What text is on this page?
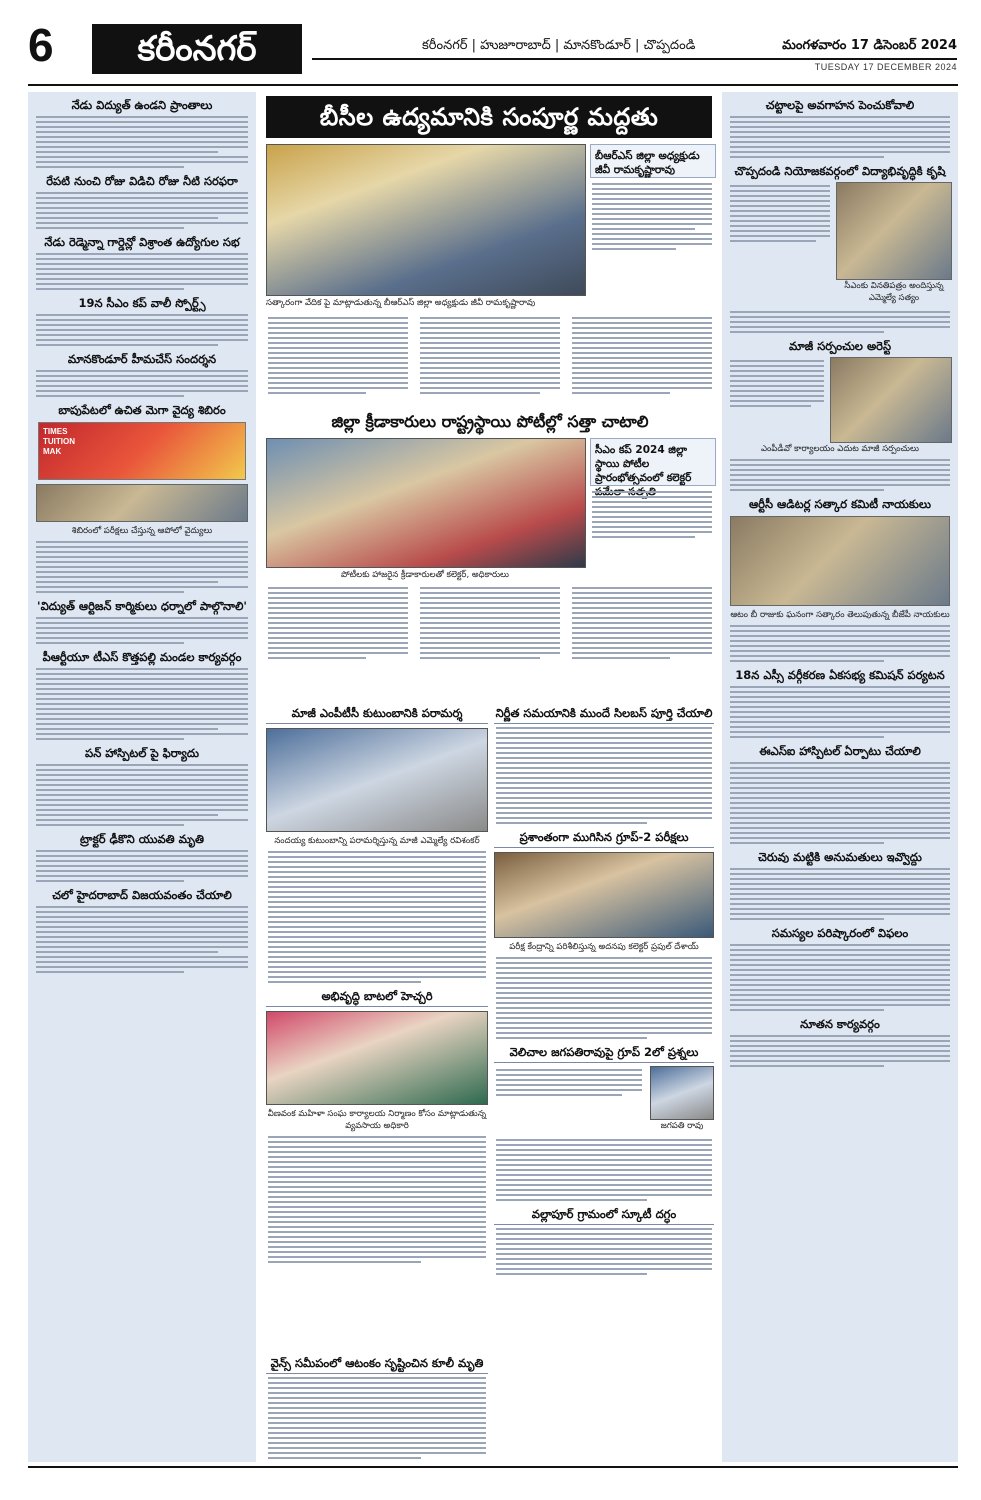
6	కరీంనగర్	కరీంనగర్ | హుజూరాబాద్ | మానకొండూర్ | చొప్పదండి	మంగళవారం 17 డిసెంబర్ 2024
TUESDAY 17 DECEMBER 2024
నేడు విద్యుత్ ఉండని ప్రాంతాలు
రేపటి నుంచి రోజు విడిచి రోజు నీటి సరఫరా
నేడు రెడ్మెన్నా గార్డెన్లో విశ్రాంత ఉద్యోగుల సభ
19న సీఎం కప్ వాలీ స్పోర్ట్స్
మానకొండూర్ హీమచేస్ సందర్శన
బాపుపేటలో ఉచిత మెగా వైద్య శిబిరం
TIMES
TUITION
MAK
శిబిరంలో పరీక్షలు చేస్తున్న ఆపోలో వైద్యులు
'విద్యుత్ ఆర్టిజన్ కార్మికులు ధర్నాలో పాల్గొనాలి'
పీఆర్టీయూ టీఎస్ కొత్తపల్లి మండల కార్యవర్గం
పన్ హాస్పిటల్ పై ఫిర్యాదు
ట్రాక్టర్ ఢీకొని యువతి మృతి
చలో హైదరాబాద్ విజయవంతం చేయాలి
బీసీల ఉద్యమానికి సంపూర్ణ మద్దతు
బీఆర్ఎస్ జిల్లా అధ్యక్షుడు జీవీ రామకృష్ణారావు
సత్కారంగా వేదిక పై మాట్లాడుతున్న బీఆర్ఎస్ జిల్లా అధ్యక్షుడు జీవీ రామకృష్ణారావు
జిల్లా క్రీడాకారులు రాష్ట్రస్థాయి పోటీల్లో సత్తా చాటాలి
సీఎం కప్ 2024 జిల్లా స్థాయి పోటీల ప్రారంభోత్సవంలో కలెక్టర్
పోటీలకు హాజరైన క్రీడాకారులతో కలెక్టర్, అధికారులు
మాజీ ఎంపీటీసీ కుటుంబానికి పరామర్శ
నందయ్య కుటుంబాన్ని పరామర్శిస్తున్న మాజీ ఎమ్మెల్యే రవిశంకర్
అభివృద్ధి బాటలో హెచ్చరి
వీణవంక మహిళా సంఘ కార్యాలయ నిర్మాణం కోసం మాట్లాడుతున్న వ్యవసాయ అధికారి
నిర్ణీత సమయానికి ముందే సిలబస్ పూర్తి చేయాలి
ప్రశాంతంగా ముగిసిన గ్రూప్-2 పరీక్షలు
పరీక్ష కేంద్రాన్ని పరిశీలిస్తున్న అదనపు కలెక్టర్ ప్రపుల్ దేశాయ్
వెలిచాల జగపతిరావుపై గ్రూప్ 2లో ప్రశ్నలు
జగపతి రావు
వల్లాపూర్ గ్రామంలో స్కూటీ దగ్ధం
వైన్స్ సమీపంలో ఆటంకం సృష్టించిన కూలీ మృతి
చట్టాలపై అవగాహన పెంచుకోవాలి
చొప్పదండి నియోజకవర్గంలో విద్యాభివృద్ధికి కృషి
సీఎంకు వినతిపత్రం అందిస్తున్న ఎమ్మెల్యే సత్యం
మాజీ సర్పంచుల అరెస్ట్
ఎంపీడీవో కార్యాలయం ఎదుట మాజీ సర్పంచులు
ఆర్టీసీ ఆడిటర్ల సత్కార కమిటీ నాయకులు
ఆటం బీ రాజుకు ఘనంగా సత్కారం తెలుపుతున్న బీజేపీ నాయకులు
18న ఎస్సీ వర్గీకరణ ఏకసభ్య కమిషన్ పర్యటన
ఈఎస్ఐ హాస్పిటల్ ఏర్పాటు చేయాలి
చెరువు మట్టికి అనుమతులు ఇవ్వొద్దు
సమస్యల పరిష్కారంలో విఫలం
నూతన కార్యవర్గం
